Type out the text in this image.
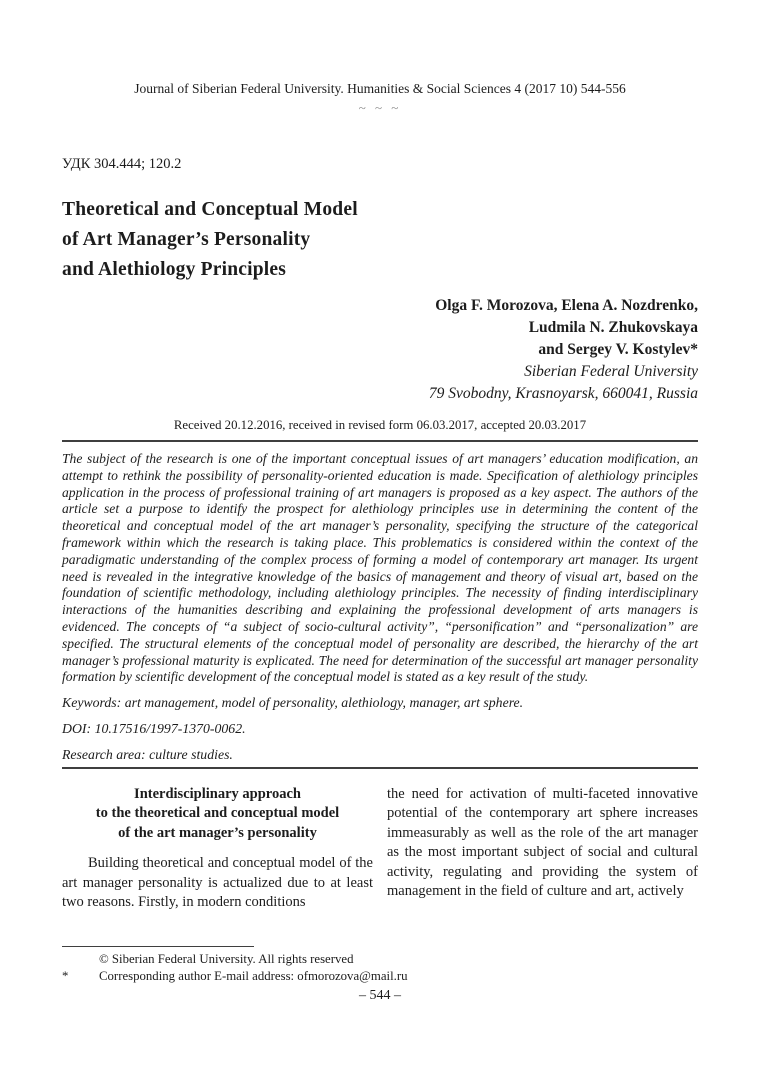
Journal of Siberian Federal University. Humanities & Social Sciences 4 (2017 10) 544-556
~ ~ ~
УДК 304.444; 120.2
Theoretical and Conceptual Model
of Art Manager’s Personality
and Alethiology Principles
Olga F. Morozova, Elena A. Nozdrenko,
Ludmila N. Zhukovskaya
and Sergey V. Kostylev*
Siberian Federal University
79 Svobodny, Krasnoyarsk, 660041, Russia
Received 20.12.2016, received in revised form 06.03.2017, accepted 20.03.2017

The subject of the research is one of the important conceptual issues of art managers’ education modification, an attempt to rethink the possibility of personality-oriented education is made. Specification of alethiology principles application in the process of professional training of art managers is proposed as a key aspect. The authors of the article set a purpose to identify the prospect for alethiology principles use in determining the content of the theoretical and conceptual model of the art manager’s personality, specifying the structure of the categorical framework within which the research is taking place. This problematics is considered within the context of the paradigmatic understanding of the complex process of forming a model of contemporary art manager. Its urgent need is revealed in the integrative knowledge of the basics of management and theory of visual art, based on the foundation of scientific methodology, including alethiology principles. The necessity of finding interdisciplinary interactions of the humanities describing and explaining the professional development of arts managers is evidenced. The concepts of “a subject of socio-cultural activity”, “personification” and “personalization” are specified. The structural elements of the conceptual model of personality are described, the hierarchy of the art manager’s professional maturity is explicated. The need for determination of the successful art manager personality formation by scientific development of the conceptual model is stated as a key result of the study.

Keywords: art management, model of personality, alethiology, manager, art sphere.
DOI: 10.17516/1997-1370-0062.
Research area: culture studies.
Interdisciplinary approach
to the theoretical and conceptual model
of the art manager’s personality

Building theoretical and conceptual model of the art manager personality is actualized due to at least two reasons. Firstly, in modern conditions

the need for activation of multi-faceted innovative potential of the contemporary art sphere increases immeasurably as well as the role of the art manager as the most important subject of social and cultural activity, regulating and providing the system of management in the field of culture and art, actively

© Siberian Federal University. All rights reserved
*	Corresponding author E-mail address: ofmorozova@mail.ru
– 544 –
